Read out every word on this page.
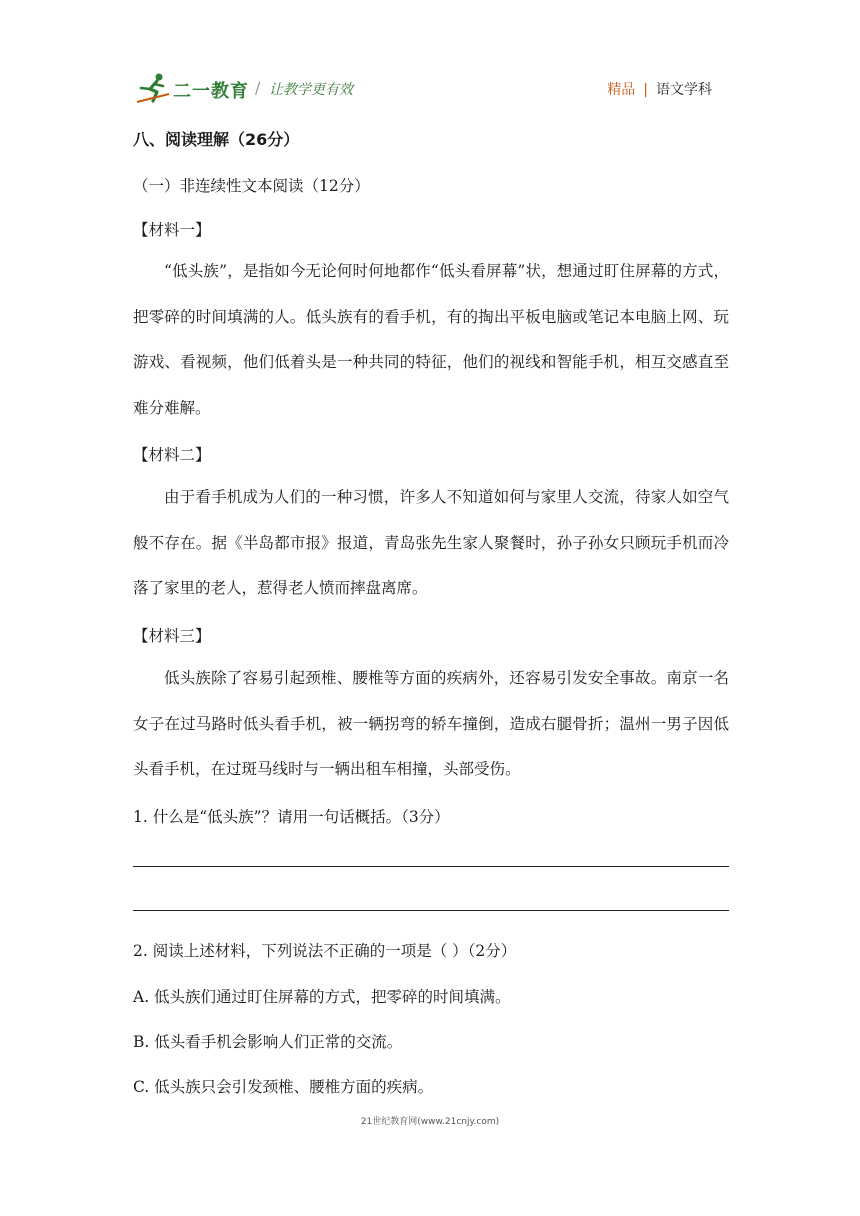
二一教育 / 让教学更有效	精品 | 语文学科
八、阅读理解（26分）
（一）非连续性文本阅读（12分）
【材料一】
“低头族”，是指如今无论何时何地都作“低头看屏幕”状，想通过盯住屏幕的方式，把零碎的时间填满的人。低头族有的看手机，有的掏出平板电脑或笔记本电脑上网、玩游戏、看视频，他们低着头是一种共同的特征，他们的视线和智能手机，相互交感直至难分难解。
【材料二】
由于看手机成为人们的一种习惯，许多人不知道如何与家里人交流，待家人如空气般不存在。据《半岛都市报》报道，青岛张先生家人聚餐时，孙子孙女只顾玩手机而冷落了家里的老人，惹得老人愤而摔盘离席。
【材料三】
低头族除了容易引起颈椎、腰椎等方面的疾病外，还容易引发安全事故。南京一名女子在过马路时低头看手机，被一辆拐弯的轿车撞倒，造成右腿骨折；温州一男子因低头看手机，在过斑马线时与一辆出租车相撞，头部受伤。
1. 什么是“低头族”？请用一句话概括。（3分）
2. 阅读上述材料，下列说法不正确的一项是（ ）（2分）
A. 低头族们通过盯住屏幕的方式，把零碎的时间填满。
B. 低头看手机会影响人们正常的交流。
C. 低头族只会引发颈椎、腰椎方面的疾病。
21世纪教育网(www.21cnjy.com)
